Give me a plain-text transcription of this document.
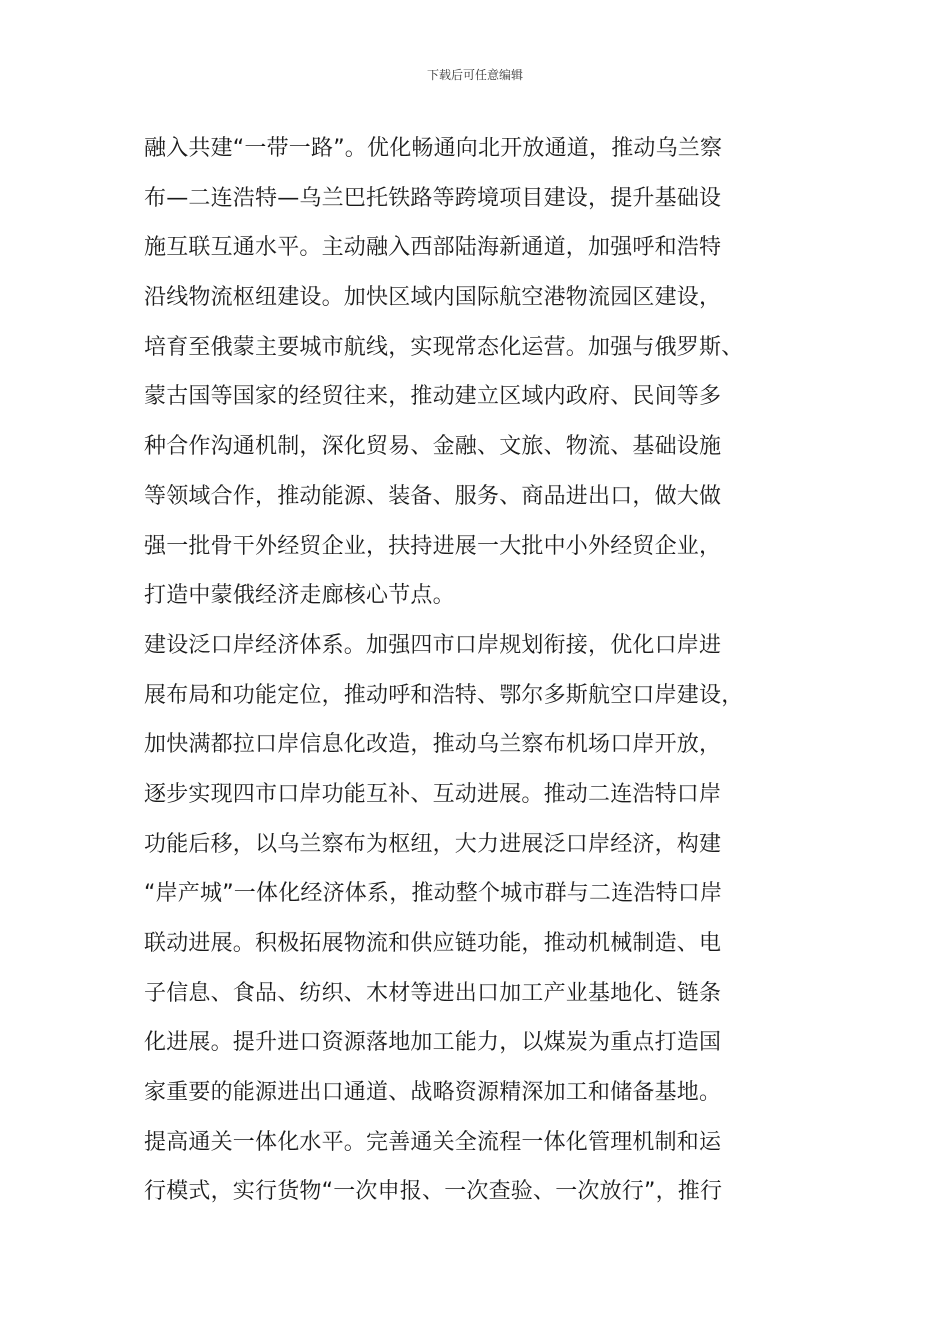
下载后可任意编辑
融入共建“一带一路”。优化畅通向北开放通道，推动乌兰察
布—二连浩特—乌兰巴托铁路等跨境项目建设，提升基础设
施互联互通水平。主动融入西部陆海新通道，加强呼和浩特
沿线物流枢纽建设。加快区域内国际航空港物流园区建设，
培育至俄蒙主要城市航线，实现常态化运营。加强与俄罗斯、
蒙古国等国家的经贸往来，推动建立区域内政府、民间等多
种合作沟通机制，深化贸易、金融、文旅、物流、基础设施
等领域合作，推动能源、装备、服务、商品进出口，做大做
强一批骨干外经贸企业，扶持进展一大批中小外经贸企业，
打造中蒙俄经济走廊核心节点。
建设泛口岸经济体系。加强四市口岸规划衔接，优化口岸进
展布局和功能定位，推动呼和浩特、鄂尔多斯航空口岸建设，
加快满都拉口岸信息化改造，推动乌兰察布机场口岸开放，
逐步实现四市口岸功能互补、互动进展。推动二连浩特口岸
功能后移，以乌兰察布为枢纽，大力进展泛口岸经济，构建
“岸产城”一体化经济体系，推动整个城市群与二连浩特口岸
联动进展。积极拓展物流和供应链功能，推动机械制造、电
子信息、食品、纺织、木材等进出口加工产业基地化、链条
化进展。提升进口资源落地加工能力，以煤炭为重点打造国
家重要的能源进出口通道、战略资源精深加工和储备基地。
提高通关一体化水平。完善通关全流程一体化管理机制和运
行模式，实行货物“一次申报、一次查验、一次放行”，推行
